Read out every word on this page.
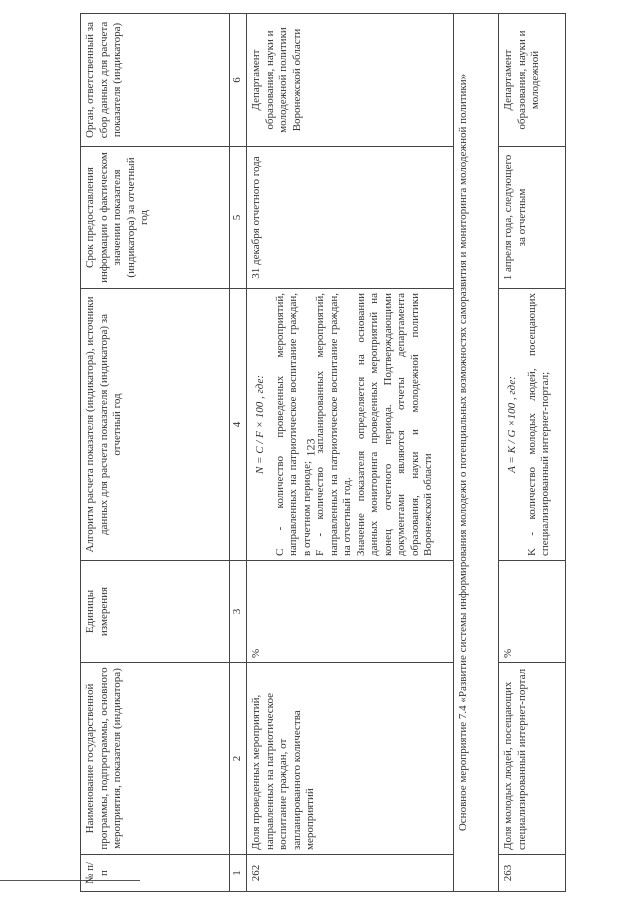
123
№ п/п	Наименование государственной программы, подпрограммы, основного мероприятия, показателя (индикатора)	Единицы измерения	Алгоритм расчета показателя (индикатора), источники данных для расчета показателя (индикатора) за отчетный год	Срок предоставления информации о фактическом значении показателя (индикатора) за отчетный год	Орган, ответственный за сбор данных для расчета показателя (индикатора)
1	2	3	4	5	6
262	Доля проведенных мероприятий, направленных на патриотическое воспитание граждан, от запланированного количества мероприятий	%	N = C / F × 100 , где: C - количество проведенных мероприятий, направленных на патриотическое воспитание граждан, в отчетном периоде; F - количество запланированных мероприятий, направленных на патриотическое воспитание граждан, на отчетный год. Значение показателя определяется на основании данных мониторинга проведенных мероприятий на конец отчетного периода. Подтверждающими документами являются отчеты департамента образования, науки и молодежной политики Воронежской области	31 декабря отчетного года	Департамент образования, науки и молодежной политики Воронежской области
Основное мероприятие 7.4 «Развитие системы информирования молодежи о потенциальных возможностях саморазвития и мониторинга молодежной политики»					
263	Доля молодых людей, посещающих специализированный интернет-портал	%	A = K / G ×100 , где: K - количество молодых людей, посещающих специализированный интернет-портал;	1 апреля года, следующего за отчетным	Департамент образования, науки и молодежной
